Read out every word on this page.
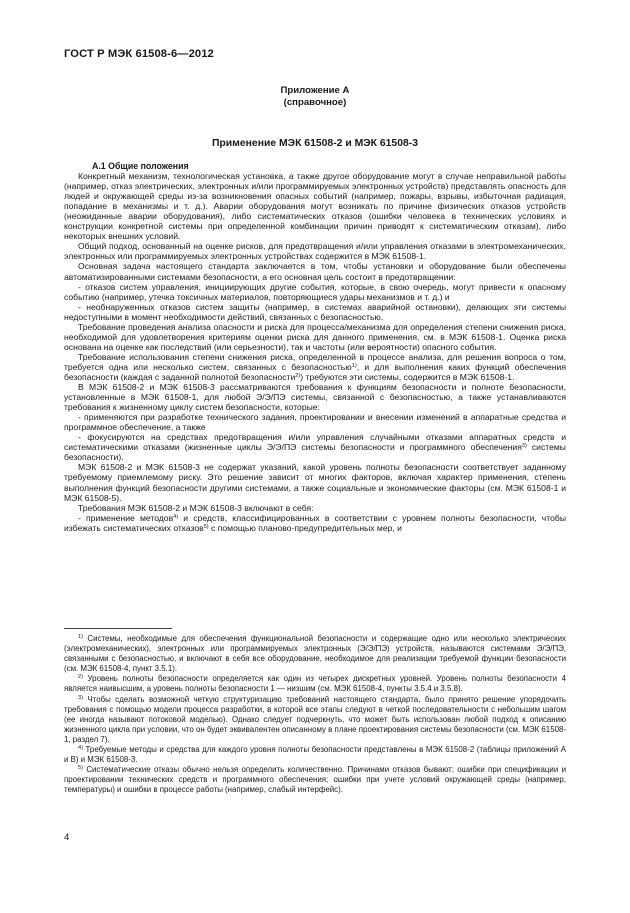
ГОСТ Р МЭК 61508-6—2012
Приложение А
(справочное)
Применение МЭК 61508-2 и МЭК 61508-3

А.1 Общие положения

Конкретный механизм, технологическая установка, а также другое оборудование могут в случае неправильной работы (например, отказ электрических, электронных и/или программируемых электронных устройств) представлять опасность для людей и окружающей среды из-за возникновения опасных событий (например, пожары, взрывы, избыточная радиация, попадание в механизмы и т. д.). Аварии оборудования могут возникать по причине физических отказов устройств (неожиданные аварии оборудования), либо систематических отказов (ошибки человека в технических условиях и конструкции конкретной системы при определенной комбинации причин приводят к систематическим отказам), либо некоторых внешних условий.

Общий подход, основанный на оценке рисков, для предотвращения и/или управления отказами в электромеханических, электронных или программируемых электронных устройствах содержится в МЭК 61508-1.

Основная задача настоящего стандарта заключается в том, чтобы установки и оборудование были обеспечены автоматизированными системами безопасности, а его основная цель состоит в предотвращении:

- отказов систем управления, инициирующих другие события, которые, в свою очередь, могут привести к опасному событию (например, утечка токсичных материалов, повторяющиеся удары механизмов и т. д.) и

- необнаруженных отказов систем защиты (например, в системах аварийной остановки), делающих эти системы недоступными в момент необходимости действий, связанных с безопасностью.

Требование проведения анализа опасности и риска для процесса/механизма для определения степени снижения риска, необходимой для удовлетворения критериям оценки риска для данного применения, см. в МЭК 61508-1. Оценка риска основана на оценке как последствий (или серьезности), так и частоты (или вероятности) опасного события.

Требование использования степени снижения риска, определенной в процессе анализа, для решения вопроса о том, требуется одна или несколько систем, связанных с безопасностью$^{1)}$, и для выполнения каких функций обеспечения безопасности (каждая с заданной полнотой безопасности$^{2)}$) требуются эти системы, содержится в МЭК 61508-1.

В МЭК 61508-2 и МЭК 61508-3 рассматриваются требования к функциям безопасности и полноте безопасности, установленные в МЭК 61508-1, для любой Э/Э/ПЭ системы, связанной с безопасностью, а также устанавливаются требования к жизненному циклу систем безопасности, которые:

- применяются при разработке технического задания, проектировании и внесении изменений в аппаратные средства и программное обеспечение, а также

- фокусируются на средствах предотвращения и/или управления случайными отказами аппаратных средств и систематическими отказами (жизненные циклы Э/Э/ПЭ системы безопасности и программного обеспечения$^{3)}$ системы безопасности).

МЭК 61508-2 и МЭК 61508-3 не содержат указаний, какой уровень полноты безопасности соответствует заданному требуемому приемлемому риску. Это решение зависит от многих факторов, включая характер применения, степень выполнения функций безопасности другими системами, а также социальные и экономические факторы (см. МЭК 61508-1 и МЭК 61508-5).

Требования МЭК 61508-2 и МЭК 61508-3 включают в себя:

- применение методов$^{4)}$ и средств, классифицированных в соответствии с уровнем полноты безопасности, чтобы избежать систематических отказов$^{5)}$ с помощью планово-предупредительных мер, и

$^{1)}$ Системы, необходимые для обеспечения функциональной безопасности и содержащие одно или несколько электрических (электромеханических), электронных или программируемых электронных (Э/Э/ПЭ) устройств, называются системами Э/Э/ПЭ, связанными с безопасностью, и включают в себя все оборудование, необходимое для реализации требуемой функции безопасности (см. МЭК 61508-4, пункт 3.5.1).

$^{2)}$ Уровень полноты безопасности определяется как один из четырех дискретных уровней. Уровень полноты безопасности 4 является наивысшим, а уровень полноты безопасности 1 — низшим (см. МЭК 61508-4, пункты 3.5.4 и 3.5.8).

$^{3)}$ Чтобы сделать возможной четкую структуризацию требований настоящего стандарта, было принято решение упорядочить требования с помощью модели процесса разработки, в которой все этапы следуют в четкой последовательности с небольшим шагом (ее иногда называют потоковой моделью). Однако следует подчеркнуть, что может быть использован любой подход к описанию жизненного цикла при условии, что он будет эквивалентен описанному в плане проектирования системы безопасности (см. МЭК 61508-1, раздел 7).

$^{4)}$ Требуемые методы и средства для каждого уровня полноты безопасности представлены в МЭК 61508-2 (таблицы приложений А и В) и МЭК 61508-3.

$^{5)}$ Систематические отказы обычно нельзя определить количественно. Причинами отказов бывают: ошибки при спецификации и проектировании технических средств и программного обеспечения; ошибки при учете условий окружающей среды (например, температуры) и ошибки в процессе работы (например, слабый интерфейс).

4
